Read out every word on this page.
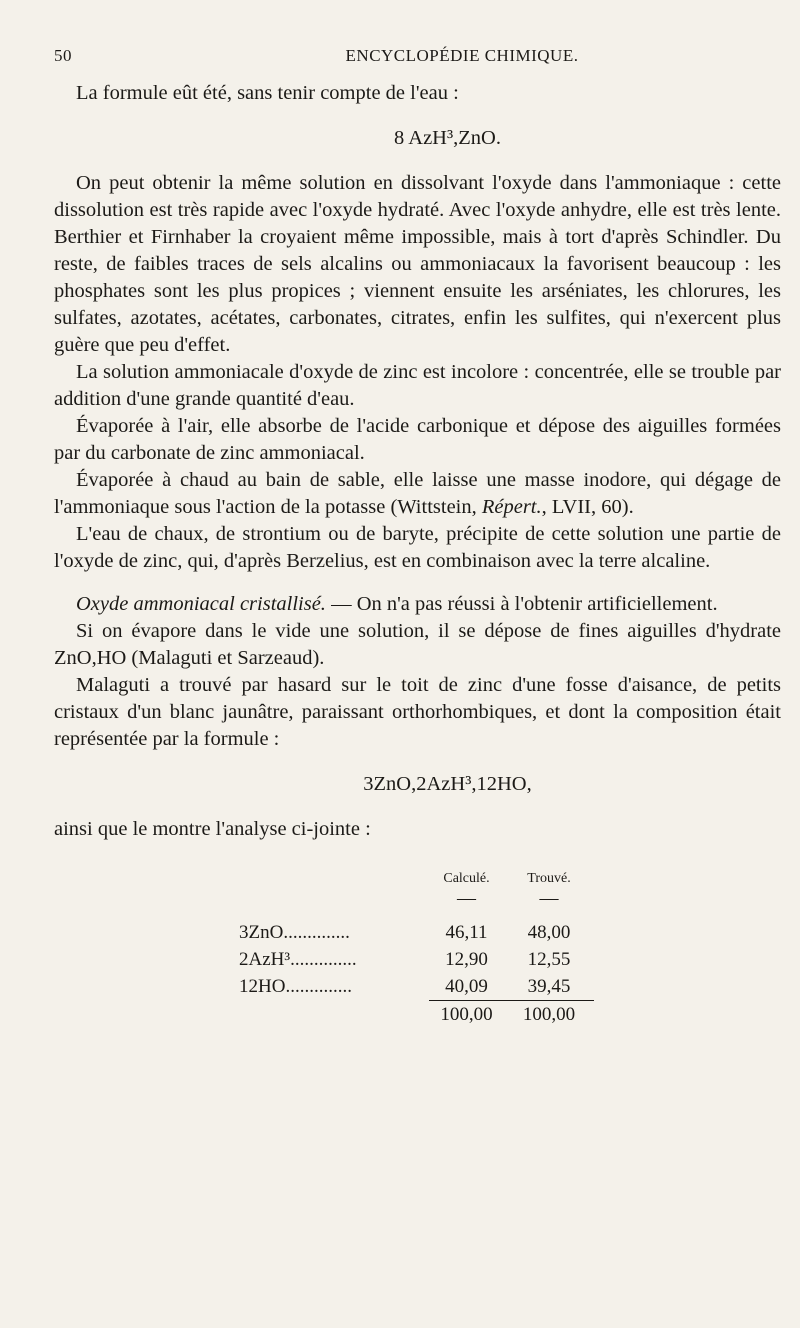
50	ENCYCLOPÉDIE CHIMIQUE.

La formule eût été, sans tenir compte de l'eau :

8 AzH³,ZnO.

On peut obtenir la même solution en dissolvant l'oxyde dans l'ammoniaque : cette dissolution est très rapide avec l'oxyde hydraté. Avec l'oxyde anhydre, elle est très lente. Berthier et Firnhaber la croyaient même impossible, mais à tort d'après Schindler. Du reste, de faibles traces de sels alcalins ou ammoniacaux la favorisent beaucoup : les phosphates sont les plus propices ; viennent ensuite les arséniates, les chlorures, les sulfates, azotates, acétates, carbonates, citrates, enfin les sulfites, qui n'exercent plus guère que peu d'effet.

La solution ammoniacale d'oxyde de zinc est incolore : concentrée, elle se trouble par addition d'une grande quantité d'eau.

Évaporée à l'air, elle absorbe de l'acide carbonique et dépose des aiguilles formées par du carbonate de zinc ammoniacal.

Évaporée à chaud au bain de sable, elle laisse une masse inodore, qui dégage de l'ammoniaque sous l'action de la potasse (Wittstein, Répert., LVII, 60).

L'eau de chaux, de strontium ou de baryte, précipite de cette solution une partie de l'oxyde de zinc, qui, d'après Berzelius, est en combinaison avec la terre alcaline.

Oxyde ammoniacal cristallisé. — On n'a pas réussi à l'obtenir artificiellement.

Si on évapore dans le vide une solution, il se dépose de fines aiguilles d'hydrate ZnO,HO (Malaguti et Sarzeaud).

Malaguti a trouvé par hasard sur le toit de zinc d'une fosse d'aisance, de petits cristaux d'un blanc jaunâtre, paraissant orthorhombiques, et dont la composition était représentée par la formule :

3ZnO,2AzH³,12HO,

ainsi que le montre l'analyse ci-jointe :

	Calculé.	Trouvé.
	—	—
3ZnO..............	46,11	48,00
2AzH³..............	12,90	12,55
12HO..............	40,09	39,45
	100,00	100,00
